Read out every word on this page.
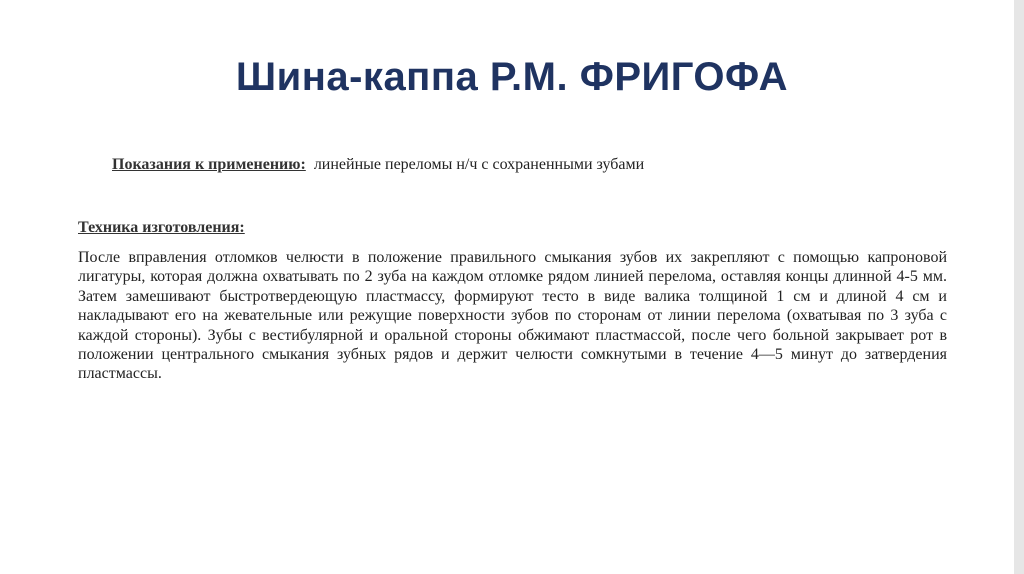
Шина-каппа Р.М. ФРИГОФА
Показания к применению: линейные переломы н/ч с сохраненными зубами
Техника изготовления:
После вправления отломков челюсти в положение правильного смыкания зубов их закрепляют с помощью капроновой лигатуры, которая должна охватывать по 2 зуба на каждом отломке рядом линией перелома, оставляя концы длинной 4-5 мм. Затем замешивают быстротвердеющую пластмассу, формируют тесто в виде валика толщиной 1 см и длиной 4 см и накладывают его на жевательные или режущие поверхности зубов по сторонам от линии перелома (охватывая по 3 зуба с каждой стороны). Зубы с вестибулярной и оральной стороны обжимают пластмассой, после чего больной закрывает рот в положении центрального смыкания зубных рядов и держит челюсти сомкнутыми в течение 4—5 минут до затвердения пластмассы.
